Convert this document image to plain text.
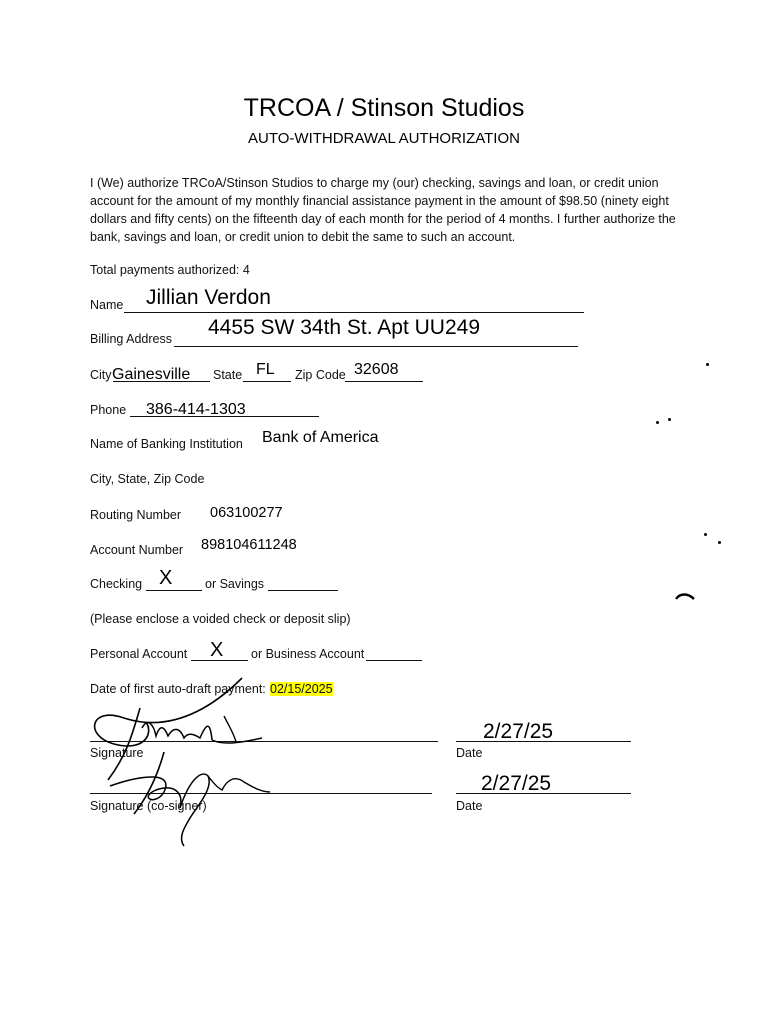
TRCOA / Stinson Studios
AUTO-WITHDRAWAL AUTHORIZATION
I (We) authorize TRCoA/Stinson Studios to charge my (our) checking, savings and loan, or credit union account for the amount of my monthly financial assistance payment in the amount of $98.50 (ninety eight dollars and fifty cents) on the fifteenth day of each month for the period of 4 months. I further authorize the bank, savings and loan, or credit union to debit the same to such an account.
Total payments authorized: 4
Name Jillian Verdon
Billing Address 4455 SW 34th St. Apt UU249
City Gainesville State FL Zip Code 32608
Phone 386-414-1303
Name of Banking Institution Bank of America
City, State, Zip Code
Routing Number 063100277
Account Number 898104611248
Checking X	or Savings
(Please enclose a voided check or deposit slip)
Personal Account X or Business Account
Date of first auto-draft payment: 02/15/2025
Signature
2/27/25
Date
Signature (co-signer)
2/27/25
Date
